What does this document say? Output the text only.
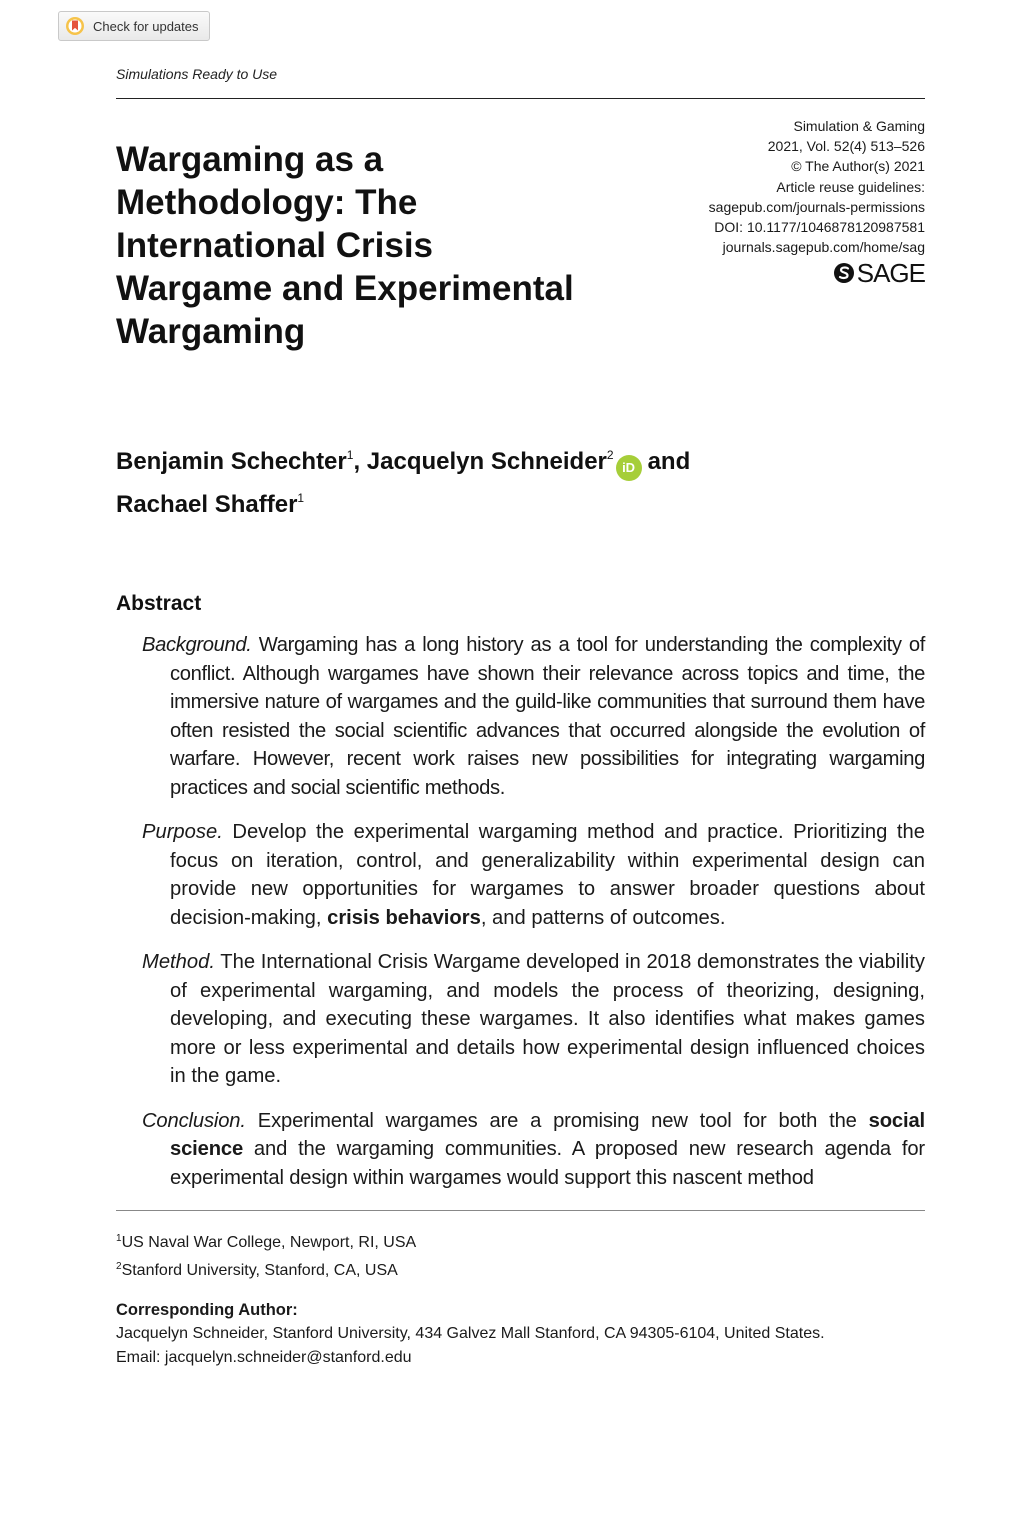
Check for updates
Simulations Ready to Use
Simulation & Gaming
2021, Vol. 52(4) 513–526
© The Author(s) 2021
Article reuse guidelines:
sagepub.com/journals-permissions
DOI: 10.1177/1046878120987581
journals.sagepub.com/home/sag
SAGE
Wargaming as a
Methodology: The
International Crisis
Wargame and Experimental
Wargaming
Benjamin Schechter$^1$, Jacquelyn Schneider$^2$iD and
Rachael Shaffer$^1$
Abstract

Background. Wargaming has a long history as a tool for understanding the complexity of conflict. Although wargames have shown their relevance across topics and time, the immersive nature of wargames and the guild-like communities that surround them have often resisted the social scientific advances that occurred alongside the evolution of warfare. However, recent work raises new possibilities for integrating wargaming practices and social scientific methods.

Purpose. Develop the experimental wargaming method and practice. Prioritizing the focus on iteration, control, and generalizability within experimental design can provide new opportunities for wargames to answer broader questions about decision-making, crisis behaviors, and patterns of outcomes.

Method. The International Crisis Wargame developed in 2018 demonstrates the viability of experimental wargaming, and models the process of theorizing, designing, developing, and executing these wargames. It also identifies what makes games more or less experimental and details how experimental design influenced choices in the game.

Conclusion. Experimental wargames are a promising new tool for both the social science and the wargaming communities. A proposed new research agenda for experimental design within wargames would support this nascent method

$^1$US Naval War College, Newport, RI, USA
$^2$Stanford University, Stanford, CA, USA
Corresponding Author:
Jacquelyn Schneider, Stanford University, 434 Galvez Mall Stanford, CA 94305-6104, United States.
Email: jacquelyn.schneider@stanford.edu
